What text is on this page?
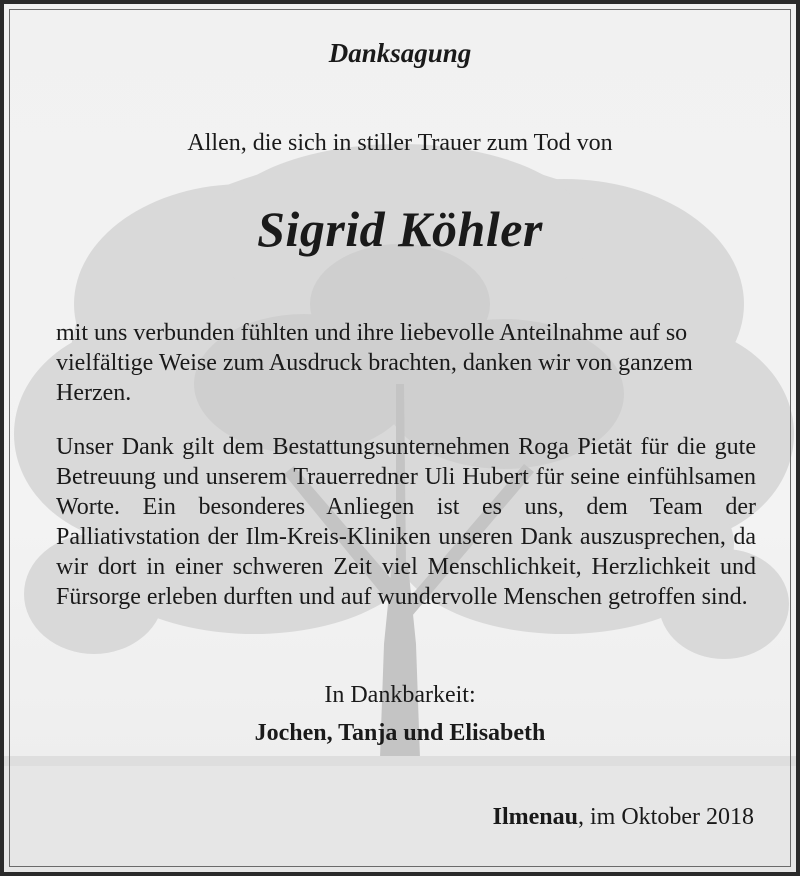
Danksagung
Allen, die sich in stiller Trauer zum Tod von
Sigrid Köhler

mit uns verbunden fühlten und ihre liebevolle Anteilnahme auf so vielfältige Weise zum Ausdruck brachten, danken wir von ganzem Herzen.

Unser Dank gilt dem Bestattungsunternehmen Roga Pietät für die gute Betreuung und unserem Trauerredner Uli Hubert für seine einfühlsamen Worte. Ein besonderes Anliegen ist es uns, dem Team der Palliativstation der Ilm-Kreis-Kliniken unseren Dank auszusprechen, da wir dort in einer schweren Zeit viel Menschlichkeit, Herzlichkeit und Fürsorge erleben durften und auf wundervolle Menschen getroffen sind.

In Dankbarkeit:
Jochen, Tanja und Elisabeth
Ilmenau, im Oktober 2018
